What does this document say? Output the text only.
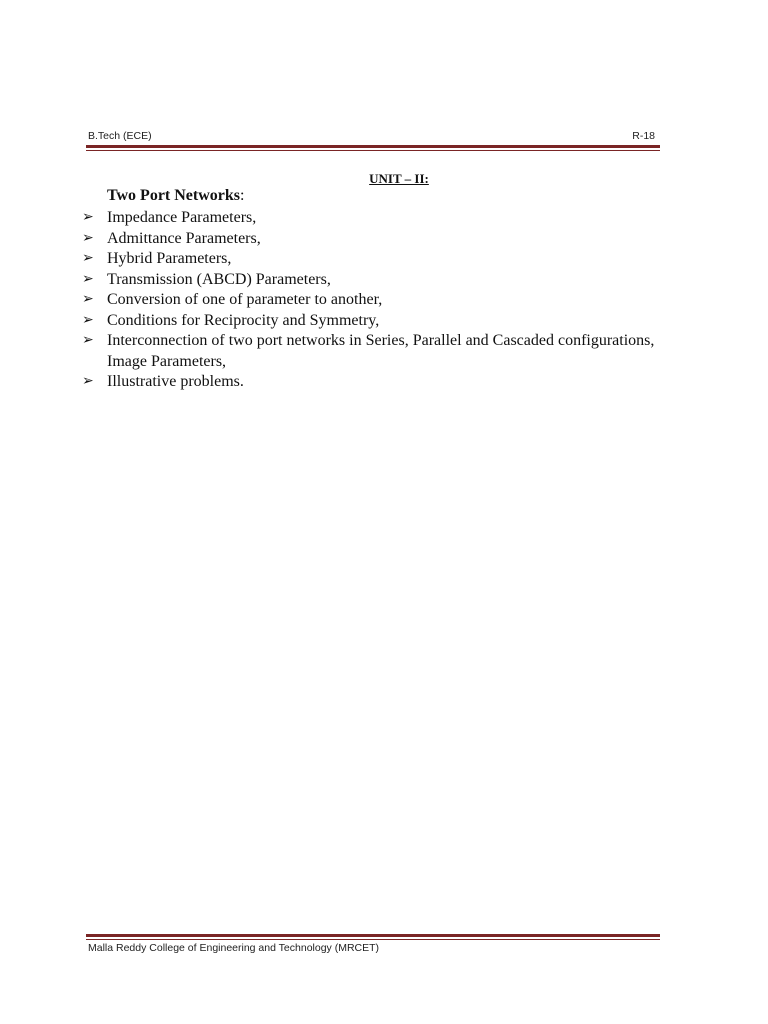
B.Tech (ECE)	R-18
UNIT – II:
Two Port Networks:
➢ Impedance Parameters,
➢ Admittance Parameters,
➢ Hybrid Parameters,
➢ Transmission (ABCD) Parameters,
➢ Conversion of one of parameter to another,
➢ Conditions for Reciprocity and Symmetry,
➢ Interconnection of two port networks in Series, Parallel and Cascaded configurations,
Image Parameters,
➢ Illustrative problems.
Malla Reddy College of Engineering and Technology (MRCET)
